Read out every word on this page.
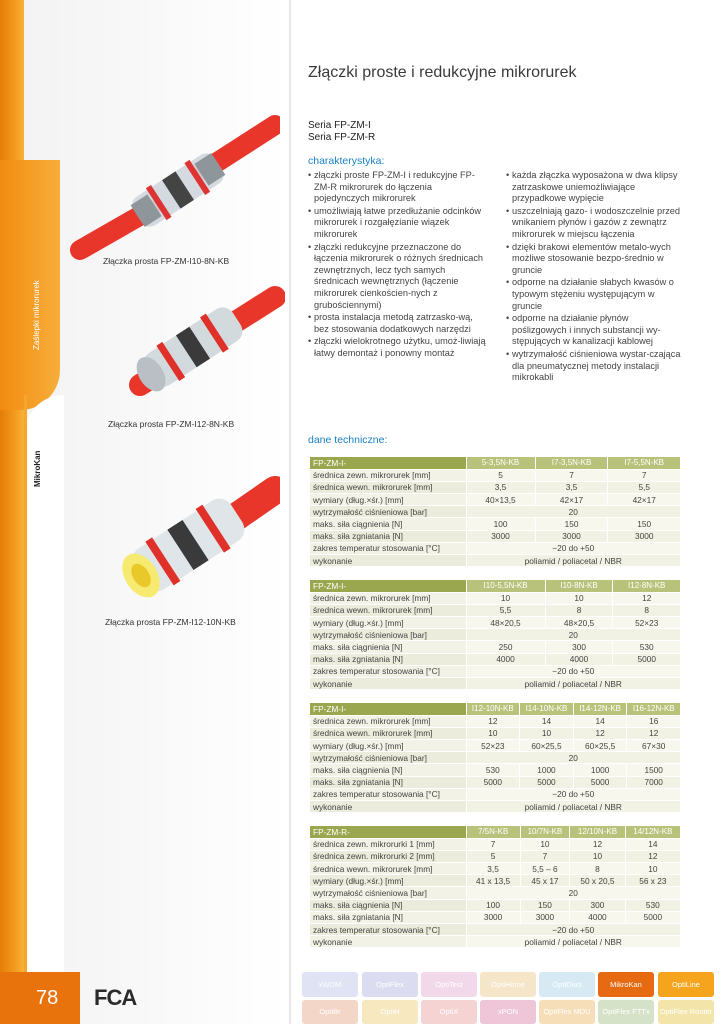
Zaślepki mikrorurek
MikroKan
78	FCA
xWDM	OptiFlex	OptiTest	OptiHome	OptiDuct	MikroKan	OptiLine
OptiBr	OptiH	OptiX	xPON	OptiFlex MDU	OptiFlex FTTx	OptiFlex Router
Złączka prosta FP-ZM-I10-8N-KB
Złączka prosta FP-ZM-I12-8N-KB
Złączka prosta FP-ZM-I12-10N-KB
Złączki proste i redukcyjne mikrorurek
Seria FP-ZM-I
Seria FP-ZM-R
charakterystyka:
• złączki proste FP-ZM-I i redukcyjne FP-ZM-R mikrorurek do łączenia pojedynczych mikrorurek
• umożliwiają łatwe przedłużanie odcinków mikrorurek i rozgałęzianie wiązek mikrorurek
• złączki redukcyjne przeznaczone do łączenia mikrorurek o różnych średnicach zewnętrznych, lecz tych samych średnicach wewnętrznych (łączenie mikrorurek cienkościen-nych z grubościennymi)
• prosta instalacja metodą zatrzasko-wą, bez stosowania dodatkowych narzędzi
• złączki wielokrotnego użytku, umoż-liwiają łatwy demontaż i ponowny montaż
• każda złączka wyposażona w dwa klipsy zatrzaskowe uniemożliwiające przypadkowe wypięcie
• uszczelniają gazo- i wodoszczelnie przed wnikaniem płynów i gazów z zewnątrz mikrorurek w miejscu łączenia
• dzięki brakowi elementów metalo-wych możliwe stosowanie bezpo-średnio w gruncie
• odporne na działanie słabych kwasów o typowym stężeniu występującym w gruncie
• odporne na działanie płynów poślizgowych i innych substancji wy-stępujących w kanalizacji kablowej
• wytrzymałość ciśnieniowa wystar-czająca dla pneumatycznej metody instalacji mikrokabli
dane techniczne:
FP-ZM-I-	5-3,5N-KB	I7-3,5N-KB	I7-5,5N-KB
średnica zewn. mikrorurek [mm]	5	7	7
średnica wewn. mikrorurek [mm]	3,5	3,5	5,5
wymiary (dług.×śr.) [mm]	40×13,5	42×17	42×17
wytrzymałość ciśnieniowa [bar]	20		
maks. siła ciągnienia [N]	100	150	150
maks. siła zgniatania [N]	3000	3000	3000
zakres temperatur stosowania [°C]	−20 do +50		
wykonanie	poliamid / poliacetal / NBR		
FP-ZM-I-	I10-5,5N-KB	I10-8N-KB	I12-8N-KB
średnica zewn. mikrorurek [mm]	10	10	12
średnica wewn. mikrorurek [mm]	5,5	8	8
wymiary (dług.×śr.) [mm]	48×20,5	48×20,5	52×23
wytrzymałość ciśnieniowa [bar]	20		
maks. siła ciągnienia [N]	250	300	530
maks. siła zgniatania [N]	4000	4000	5000
zakres temperatur stosowania [°C]	−20 do +50		
wykonanie	poliamid / poliacetal / NBR		
FP-ZM-I-	I12-10N-KB	I14-10N-KB	I14-12N-KB	I16-12N-KB
średnica zewn. mikrorurek [mm]	12	14	14	16
średnica wewn. mikrorurek [mm]	10	10	12	12
wymiary (dług.×śr.) [mm]	52×23	60×25,5	60×25,5	67×30
wytrzymałość ciśnieniowa [bar]	20			
maks. siła ciągnienia [N]	530	1000	1000	1500
maks. siła zgniatania [N]	5000	5000	5000	7000
zakres temperatur stosowania [°C]	−20 do +50			
wykonanie	poliamid / poliacetal / NBR			
FP-ZM-R-	7/5N-KB	10/7N-KB	12/10N-KB	14/12N-KB
średnica zewn. mikrorurki 1 [mm]	7	10	12	14
średnica zewn. mikrorurki 2 [mm]	5	7	10	12
średnica wewn. mikrorurek [mm]	3,5	5,5 – 6	8	10
wymiary (dług.×śr.) [mm]	41 x 13,5	45 x 17	50 x 20,5	56 x 23
wytrzymałość ciśnieniowa [bar]	20			
maks. siła ciągnienia [N]	100	150	300	530
maks. siła zgniatania [N]	3000	3000	4000	5000
zakres temperatur stosowania [°C]	−20 do +50			
wykonanie	poliamid / poliacetal / NBR			
